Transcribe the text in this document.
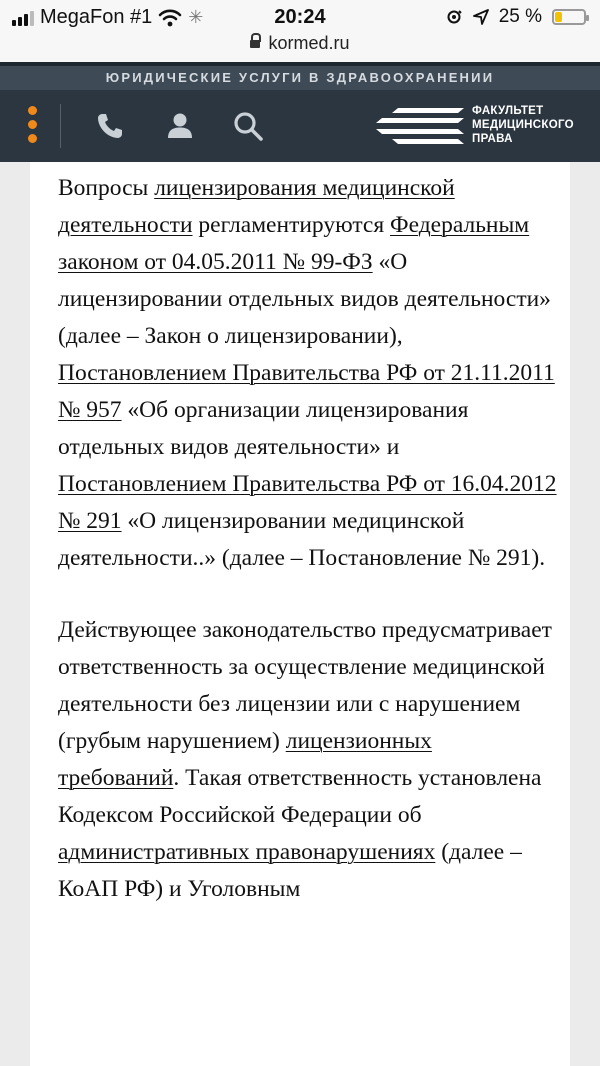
MegaFon #1 ✳	20:24	25 %
kormed.ru
ЮРИДИЧЕСКИЕ УСЛУГИ В ЗДРАВООХРАНЕНИИ
ФАКУЛЬТЕТ
МЕДИЦИНСКОГО
ПРАВА

Вопросы лицензирования медицинской деятельности регламентируются Федеральным законом от 04.05.2011 № 99-ФЗ «О лицензировании отдельных видов деятельности» (далее – Закон о лицензировании), Постановлением Правительства РФ от 21.11.2011 № 957 «Об организации лицензирования отдельных видов деятельности» и Постановлением Правительства РФ от 16.04.2012 № 291 «О лицензировании медицинской деятельности..» (далее – Постановление № 291).

Действующее законодательство предусматривает ответственность за осуществление медицинской деятельности без лицензии или с нарушением (грубым нарушением) лицензионных требований. Такая ответственность установлена Кодексом Российской Федерации об административных правонарушениях (далее – КоАП РФ) и Уголовным
